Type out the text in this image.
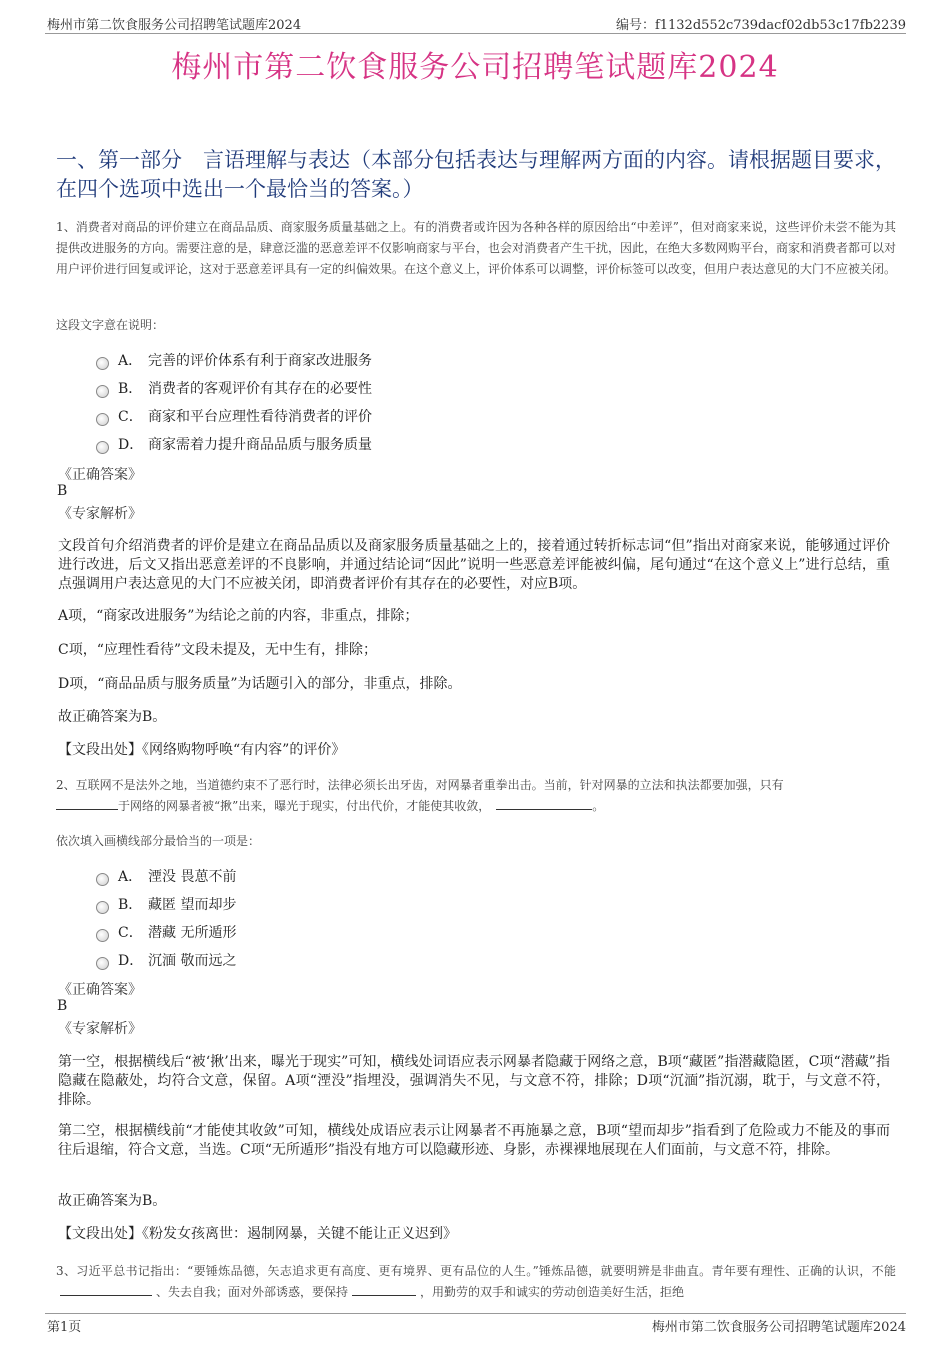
梅州市第二饮食服务公司招聘笔试题库2024	编号：f1132d552c739dacf02db53c17fb2239
梅州市第二饮食服务公司招聘笔试题库2024
一、第一部分　言语理解与表达（本部分包括表达与理解两方面的内容。请根据题目要求，在四个选项中选出一个最恰当的答案。）
1、消费者对商品的评价建立在商品品质、商家服务质量基础之上。有的消费者或许因为各种各样的原因给出“中差评”，但对商家来说，这些评价未尝不能为其提供改进服务的方向。需要注意的是，肆意泛滥的恶意差评不仅影响商家与平台，也会对消费者产生干扰，因此，在绝大多数网购平台，商家和消费者都可以对用户评价进行回复或评论，这对于恶意差评具有一定的纠偏效果。在这个意义上，评价体系可以调整，评价标签可以改变，但用户表达意见的大门不应被关闭。
这段文字意在说明：
A． 完善的评价体系有利于商家改进服务
B． 消费者的客观评价有其存在的必要性
C． 商家和平台应理性看待消费者的评价
D． 商家需着力提升商品品质与服务质量
《正确答案》
B
《专家解析》
文段首句介绍消费者的评价是建立在商品品质以及商家服务质量基础之上的，接着通过转折标志词“但”指出对商家来说，能够通过评价进行改进，后文又指出恶意差评的不良影响，并通过结论词“因此”说明一些恶意差评能被纠偏，尾句通过“在这个意义上”进行总结，重点强调用户表达意见的大门不应被关闭，即消费者评价有其存在的必要性，对应B项。
A项，“商家改进服务”为结论之前的内容，非重点，排除；
C项，“应理性看待”文段未提及，无中生有，排除；
D项，“商品品质与服务质量”为话题引入的部分，非重点，排除。
故正确答案为B。
【文段出处】《网络购物呼唤“有内容”的评价》
2、互联网不是法外之地，当道德约束不了恶行时，法律必须长出牙齿，对网暴者重拳出击。当前，针对网暴的立法和执法都要加强，只有
于网络的网暴者被“揪”出来，曝光于现实，付出代价，才能使其收敛，	。
依次填入画横线部分最恰当的一项是：
A． 湮没 畏葸不前
B． 藏匿 望而却步
C． 潜藏 无所遁形
D． 沉湎 敬而远之
《正确答案》
B
《专家解析》
第一空，根据横线后“被‘揪’出来，曝光于现实”可知，横线处词语应表示网暴者隐藏于网络之意，B项“藏匿”指潜藏隐匿，C项“潜藏”指隐藏在隐蔽处，均符合文意，保留。A项“湮没”指埋没，强调消失不见，与文意不符，排除；D项“沉湎”指沉溺，耽于，与文意不符，排除。
第二空，根据横线前“才能使其收敛”可知，横线处成语应表示让网暴者不再施暴之意，B项“望而却步”指看到了危险或力不能及的事而往后退缩，符合文意，当选。C项“无所遁形”指没有地方可以隐藏形迹、身影，赤裸裸地展现在人们面前，与文意不符，排除。
故正确答案为B。
【文段出处】《粉发女孩离世：遏制网暴，关键不能让正义迟到》
3、习近平总书记指出：“要锤炼品德，矢志追求更有高度、更有境界、更有品位的人生。”锤炼品德，就要明辨是非曲直。青年要有理性、正确的认识，不能、失去自我；面对外部诱惑，要保持	，用勤劳的双手和诚实的劳动创造美好生活，拒绝
第1页	梅州市第二饮食服务公司招聘笔试题库2024
